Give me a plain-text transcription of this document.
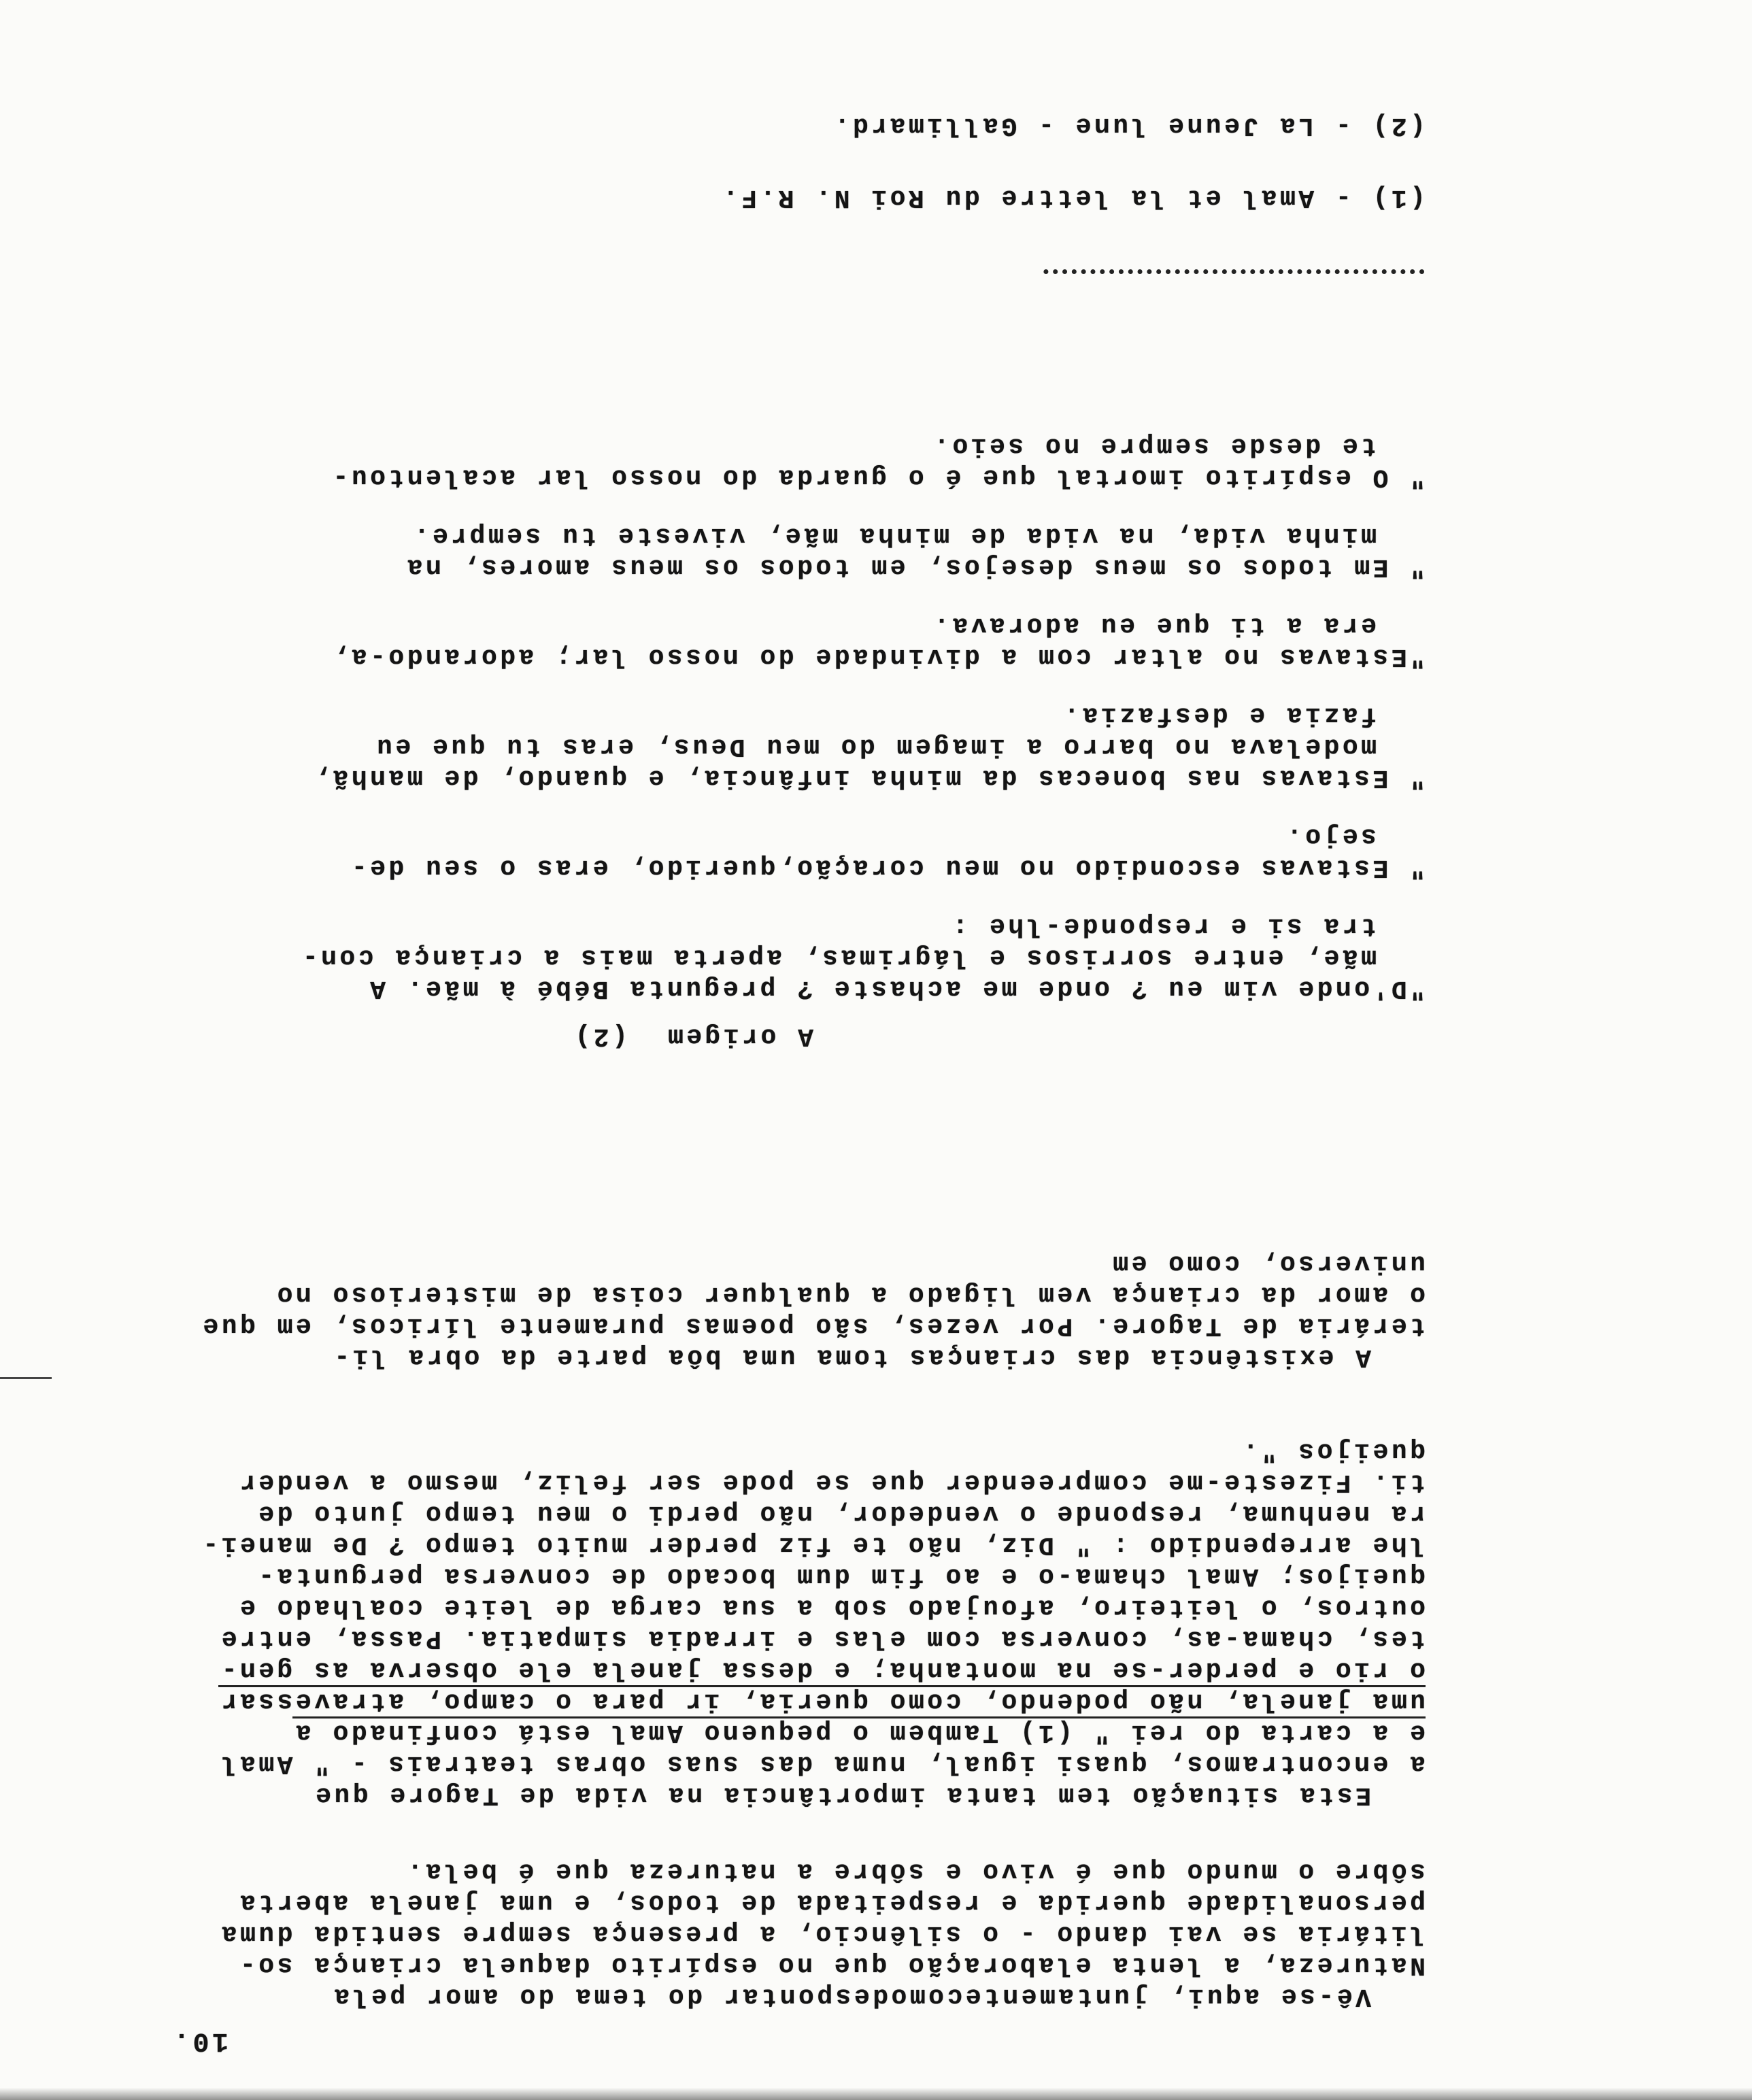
10.
Vê-se aqui, juntamentecomodespontar do tema do amor pela
Natureza, a lenta elaboração que no espírito daquela criança so-
litária se vai dando - o silêncio, a presença sempre sentida duma
personalidade querida e respeitada de todos, e uma janela aberta
sôbre o mundo que é vivo e sôbre a natureza que é bela.
Esta situação tem tanta importância na vida de Tagore que
a encontramos, quasi igual, numa das suas obras teatrais - " Amal
e a carta do rei " (1) Tambem o pequeno Amal está confinado a
uma janela, não podendo, como queria, ir para o campo, atravessar
o rio e perder-se na montanha; e dessa janela ele observa as gen-
tes, chama-as, conversa com elas e irradia simpatia. Passa, entre
outros, o leiteiro, afoujado sob a sua carga de leite coalhado e
queijos; Amal chama-o e ao fim dum bocado de conversa pergunta-
lhe arrependido : " Diz, não te fiz perder muito tempo ? De manei-
ra nenhuma, responde o vendedor, não perdi o meu tempo junto de
ti. Fizeste-me compreender que se pode ser feliz, mesmo a vender
queijos ".
A existência das crianças toma uma bôa parte da obra li-
terária de Tagore. Por vezes, são poemas puramente líricos, em que
o amor da criança vem ligado a qualquer coisa de misterioso no
universo, como em
A origem  (2)
"D'onde vim eu ? onde me achaste ? pregunta Bébé à mãe. A
mãe, entre sorrisos e lágrimas, aperta mais a criança con-
tra si e responde-lhe :
" Estavas escondido no meu coração,querido, eras o seu de-
sejo.
" Estavas nas bonecas da minha infância, e quando, de manhã,
modelava no barro a imagem do meu Deus, eras tu que eu
fazia e desfazia.
"Estavas no altar com a divindade do nosso lar; adorando-a,
era a ti que eu adorava.
" Em todos os meus desejos, em todos os meus amores, na
minha vida, na vida de minha mãe, viveste tu sempre.
" O espírito imortal que é o guarda do nosso lar acalentou-
te desde sempre no seio.
(1) - Amal et la lettre du Roi N. R.F.
(2) - La Jeune lune - Gallimard.
